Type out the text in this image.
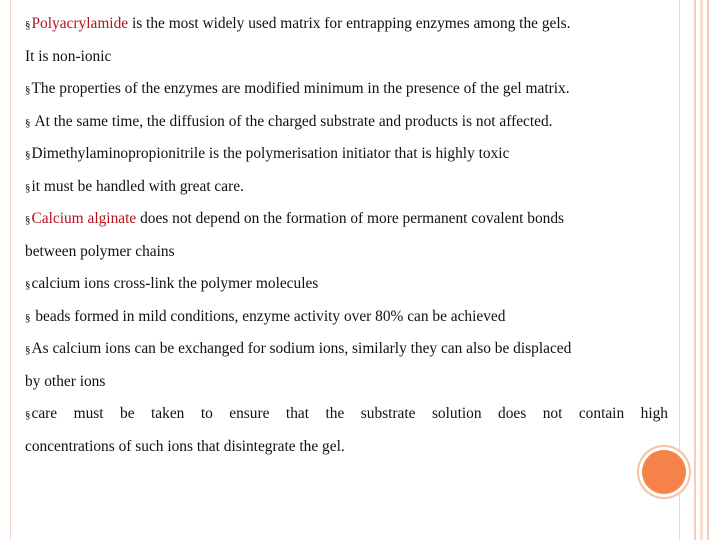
§Polyacrylamide is the most widely used matrix for entrapping enzymes among the gels.
It is non-ionic
§The properties of the enzymes are modified minimum in the presence of the gel matrix.
§ At the same time, the diffusion of the charged substrate and products is not affected.
§Dimethylaminopropionitrile is the polymerisation initiator that is highly toxic
§it must be handled with great care.
§Calcium alginate does not depend on the formation of more permanent covalent bonds
between polymer chains
§calcium ions cross-link the polymer molecules
§ beads formed in mild conditions, enzyme activity over 80% can be achieved
§As calcium ions can be exchanged for sodium ions, similarly they can also be displaced
by other ions
§care must be taken to ensure that the substrate solution does not contain high
concentrations of such ions that disintegrate the gel.
